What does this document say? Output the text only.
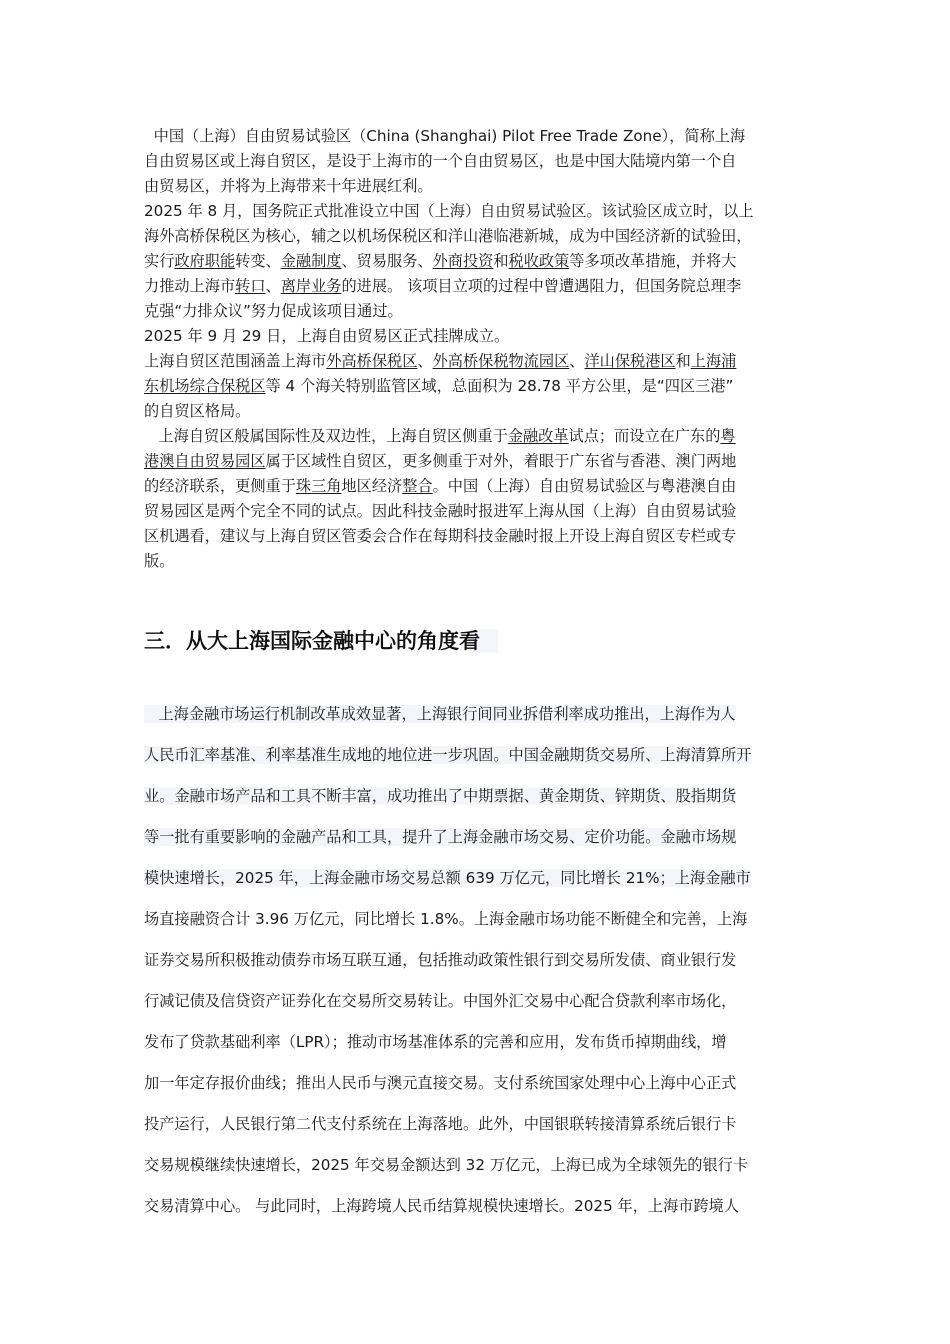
中国（上海）自由贸易试验区（China (Shanghai) Pilot Free Trade Zone），简称上海
自由贸易区或上海自贸区，是设于上海市的一个自由贸易区，也是中国大陆境内第一个自
由贸易区，并将为上海带来十年进展红利。
2025 年 8 月，国务院正式批准设立中国（上海）自由贸易试验区。该试验区成立时，以上
海外高桥保税区为核心，辅之以机场保税区和洋山港临港新城，成为中国经济新的试验田，
实行政府职能转变、金融制度、贸易服务、外商投资和税收政策等多项改革措施，并将大
力推动上海市转口、离岸业务的进展。 该项目立项的过程中曾遭遇阻力，但国务院总理李
克强“力排众议”努力促成该项目通过。
2025 年 9 月 29 日，上海自由贸易区正式挂牌成立。
上海自贸区范围涵盖上海市外高桥保税区、外高桥保税物流园区、洋山保税港区和上海浦
东机场综合保税区等 4 个海关特别监管区域，总面积为 28.78 平方公里，是“四区三港”
的自贸区格局。
上海自贸区般属国际性及双边性，上海自贸区侧重于金融改革试点；而设立在广东的粤
港澳自由贸易园区属于区域性自贸区，更多侧重于对外，着眼于广东省与香港、澳门两地
的经济联系，更侧重于珠三角地区经济整合。中国（上海）自由贸易试验区与粤港澳自由
贸易园区是两个完全不同的试点。因此科技金融时报进军上海从国（上海）自由贸易试验
区机遇看，建议与上海自贸区管委会合作在每期科技金融时报上开设上海自贸区专栏或专
版。
三．从大上海国际金融中心的角度看
上海金融市场运行机制改革成效显著，上海银行间同业拆借利率成功推出，上海作为人
人民币汇率基准、利率基准生成地的地位进一步巩固。中国金融期货交易所、上海清算所开
业。金融市场产品和工具不断丰富，成功推出了中期票据、黄金期货、锌期货、股指期货
等一批有重要影响的金融产品和工具，提升了上海金融市场交易、定价功能。金融市场规
模快速增长，2025 年，上海金融市场交易总额 639 万亿元，同比增长 21%；上海金融市
场直接融资合计 3.96 万亿元，同比增长 1.8%。上海金融市场功能不断健全和完善，上海
证券交易所积极推动债券市场互联互通，包括推动政策性银行到交易所发债、商业银行发
行减记债及信贷资产证券化在交易所交易转让。中国外汇交易中心配合贷款利率市场化，
发布了贷款基础利率（LPR）；推动市场基准体系的完善和应用，发布货币掉期曲线，增
加一年定存报价曲线；推出人民币与澳元直接交易。支付系统国家处理中心上海中心正式
投产运行，人民银行第二代支付系统在上海落地。此外，中国银联转接清算系统后银行卡
交易规模继续快速增长，2025 年交易金额达到 32 万亿元，上海已成为全球领先的银行卡
交易清算中心。 与此同时，上海跨境人民币结算规模快速增长。2025 年，上海市跨境人
